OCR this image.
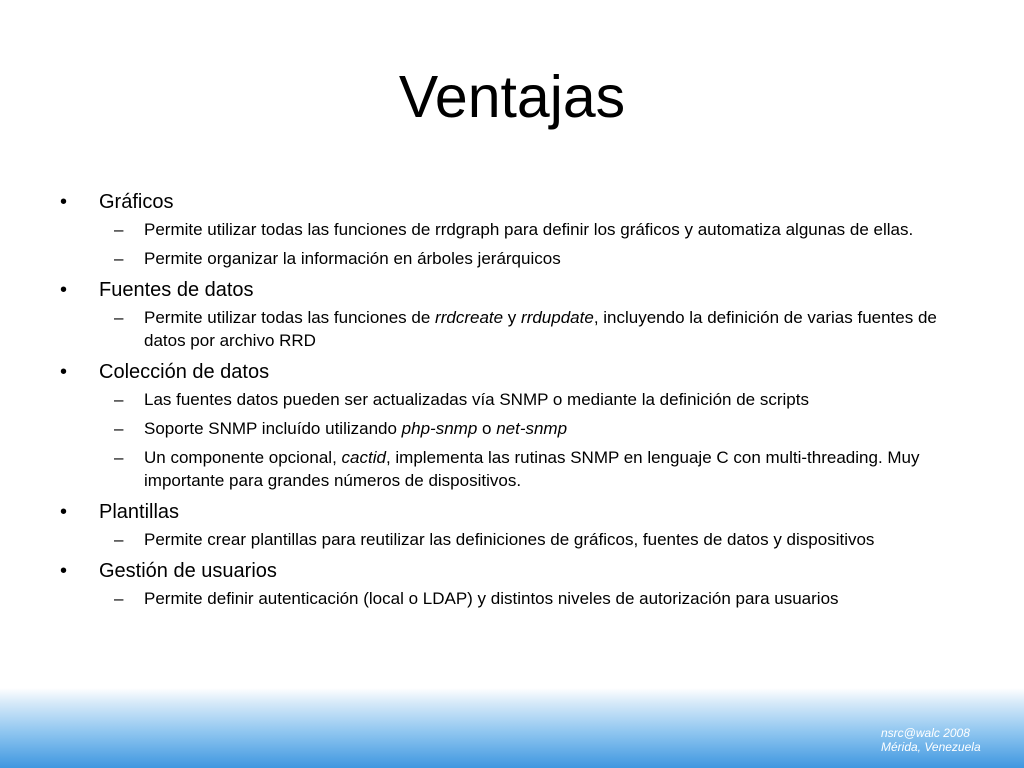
Ventajas
• Gráficos
– Permite utilizar todas las funciones de rrdgraph para definir los gráficos y automatiza algunas de ellas.
– Permite organizar la información en árboles jerárquicos
• Fuentes de datos
– Permite utilizar todas las funciones de rrdcreate y rrdupdate, incluyendo la definición de varias fuentes de datos por archivo RRD
• Colección de datos
– Las fuentes datos pueden ser actualizadas vía SNMP o mediante la definición de scripts
– Soporte SNMP incluído utilizando php-snmp o net-snmp
– Un componente opcional, cactid, implementa las rutinas SNMP en lenguaje C con multi-threading. Muy importante para grandes números de dispositivos.
• Plantillas
– Permite crear plantillas para reutilizar las definiciones de gráficos, fuentes de datos y dispositivos
• Gestión de usuarios
– Permite definir autenticación (local o LDAP) y distintos niveles de autorización para usuarios
nsrc@walc 2008
Mérida, Venezuela
